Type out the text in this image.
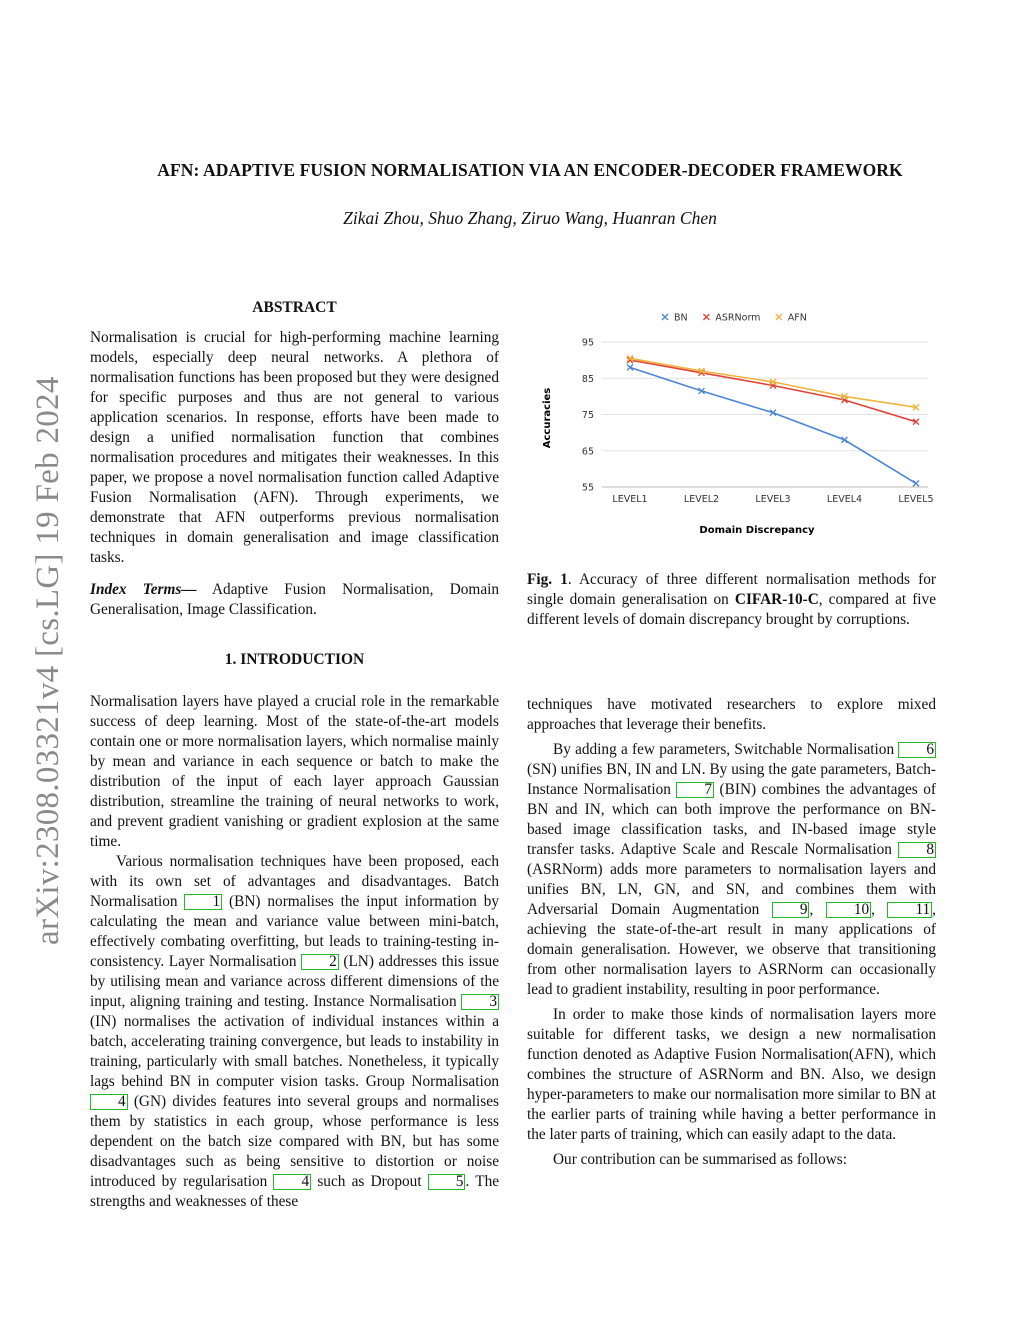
arXiv:2308.03321v4 [cs.LG] 19 Feb 2024
AFN: ADAPTIVE FUSION NORMALISATION VIA AN ENCODER-DECODER FRAMEWORK
Zikai Zhou, Shuo Zhang, Ziruo Wang, Huanran Chen
ABSTRACT

Normalisation is crucial for high-performing machine learning models, especially deep neural networks. A plethora of normalisation functions has been proposed but they were designed for specific purposes and thus are not general to various application scenarios. In response, efforts have been made to design a unified normalisation function that combines normalisation procedures and mitigates their weaknesses. In this paper, we propose a novel normalisation function called Adaptive Fusion Normalisation (AFN). Through experiments, we demonstrate that AFN outperforms previous normalisation techniques in domain generalisation and image classification tasks.

Index Terms— Adaptive Fusion Normalisation, Domain Generalisation, Image Classification.

1. INTRODUCTION

Normalisation layers have played a crucial role in the remarkable success of deep learning. Most of the state-of-the-art models contain one or more normalisation layers, which normalise mainly by mean and variance in each sequence or batch to make the distribution of the input of each layer approach Gaussian distribution, streamline the training of neural networks to work, and prevent gradient vanishing or gradient explosion at the same time.

Various normalisation techniques have been proposed, each with its own set of advantages and disadvantages. Batch Normalisation 1 (BN) normalises the input information by calculating the mean and variance value between mini-batch, effectively combating overfitting, but leads to training-testing in-consistency. Layer Normalisation 2 (LN) addresses this issue by utilising mean and variance across different dimensions of the input, aligning training and testing. Instance Normalisation 3(IN) normalises the activation of individual instances within a batch, accelerating training convergence, but leads to instability in training, particularly with small batches. Nonetheless, it typically lags behind BN in computer vision tasks. Group Normalisation 4 (GN) divides features into several groups and normalises them by statistics in each group, whose performance is less dependent on the batch size compared with BN, but has some disadvantages such as being sensitive to distortion or noise introduced by regularisation 4 such as Dropout 5 . The strengths and weaknesses of these

BN	ASRNorm	AFN
55
65
75
85
95
LEVEL1	LEVEL2	LEVEL3	LEVEL4	LEVEL5
Accuracies
Domain Discrepancy

Fig. 1. Accuracy of three different normalisation methods for single domain generalisation on CIFAR-10-C, compared at five different levels of domain discrepancy brought by corruptions.

techniques have motivated researchers to explore mixed approaches that leverage their benefits.

By adding a few parameters, Switchable Normalisation 6 (SN) unifies BN, IN and LN. By using the gate parameters, Batch-Instance Normalisation 7 (BIN) combines the advantages of BN and IN, which can both improve the performance on BN-based image classification tasks, and IN-based image style transfer tasks. Adaptive Scale and Rescale Normalisation 8 (ASRNorm) adds more parameters to normalisation layers and unifies BN, LN, GN, and SN, and combines them with Adversarial Domain Augmentation 9 , 10 , 11 , achieving the state-of-the-art result in many applications of domain generalisation. However, we observe that transitioning from other normalisation layers to ASRNorm can occasionally lead to gradient instability, resulting in poor performance.

In order to make those kinds of normalisation layers more suitable for different tasks, we design a new normalisation function denoted as Adaptive Fusion Normalisation(AFN), which combines the structure of ASRNorm and BN. Also, we design hyper-parameters to make our normalisation more similar to BN at the earlier parts of training while having a better performance in the later parts of training, which can easily adapt to the data.

Our contribution can be summarised as follows:
